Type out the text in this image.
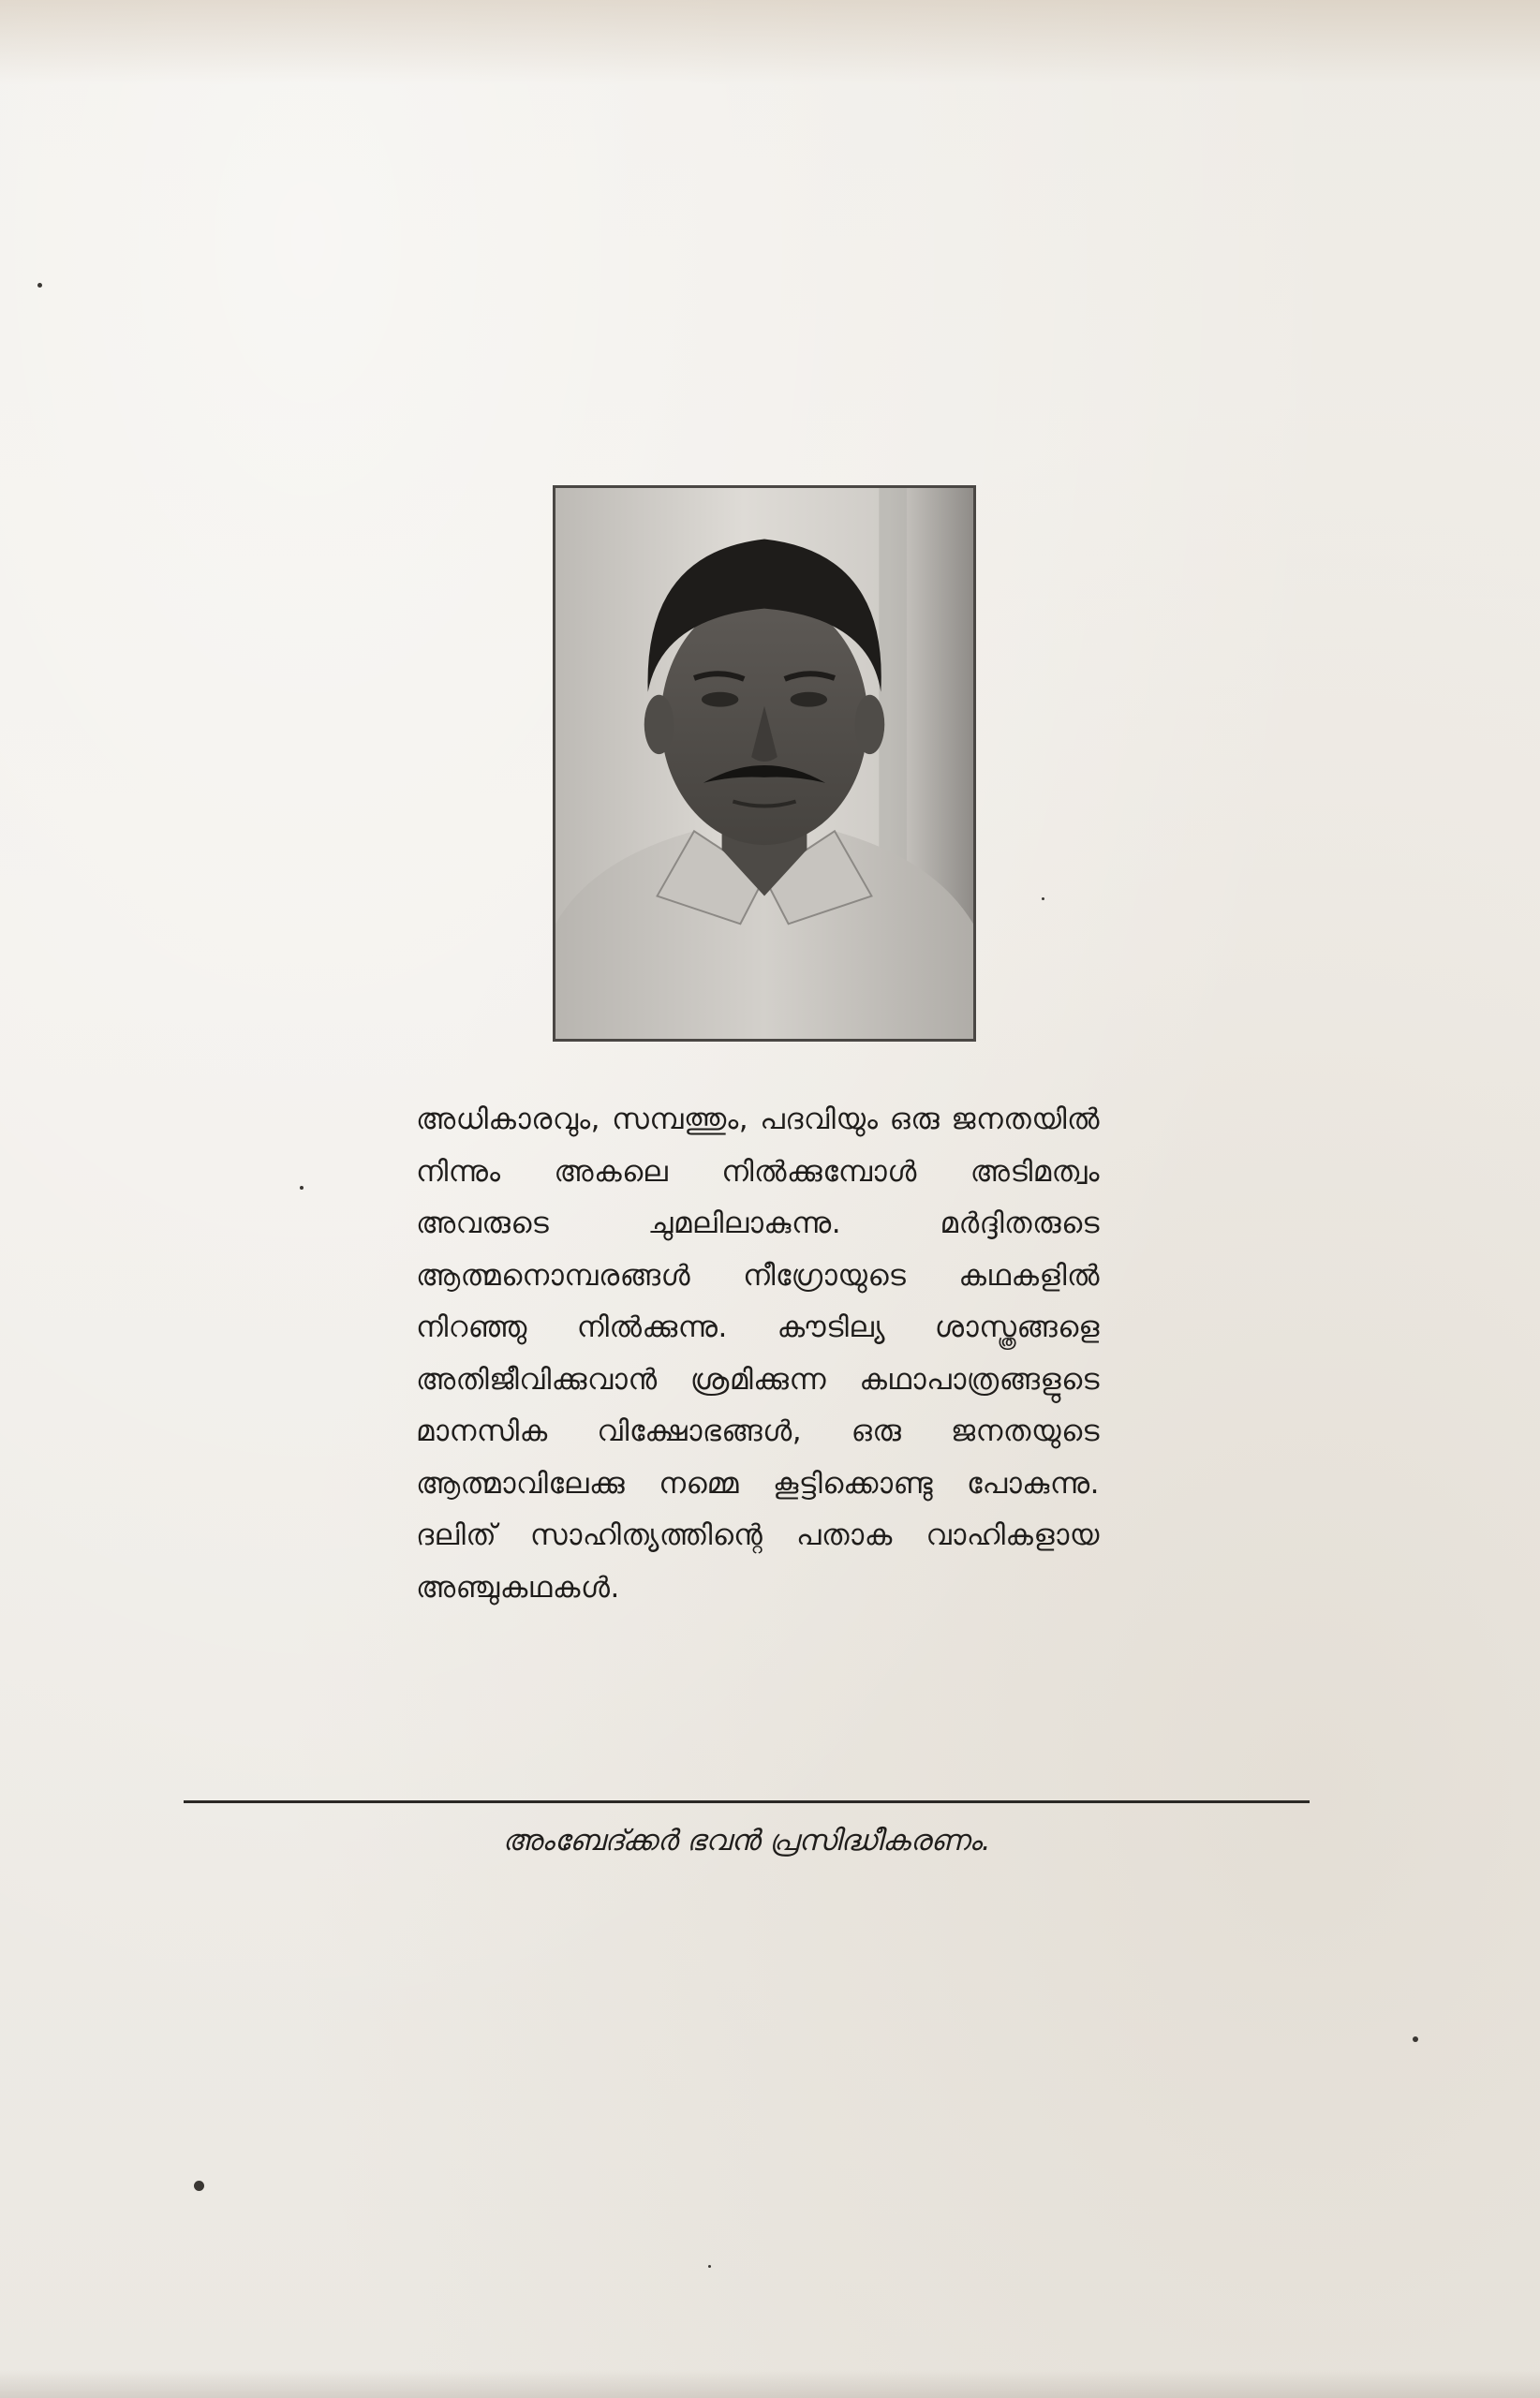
അധികാരവും, സമ്പത്തും, പദവിയും ഒരു ജനതയിൽ നിന്നും അകലെ നിൽക്കുമ്പോൾ അടിമത്വം അവരുടെ ചുമലിലാകുന്നു. മർദ്ദിതരുടെ ആത്മനൊമ്പരങ്ങൾ നീഗ്രോയുടെ കഥകളിൽ നിറഞ്ഞു നിൽക്കുന്നു. കൗടില്യ ശാസ്ത്രങ്ങളെ അതിജീവിക്കുവാൻ ശ്രമിക്കുന്ന കഥാപാത്രങ്ങളുടെ മാനസിക വിക്ഷോഭങ്ങൾ, ഒരു ജനതയുടെ ആത്മാവിലേക്കു നമ്മെ കൂട്ടിക്കൊണ്ടു പോകുന്നു. ദലിത് സാഹിത്യത്തിന്റെ പതാക വാഹികളായ അഞ്ചുകഥകൾ.
അംബേദ്ക്കർ ഭവൻ പ്രസിദ്ധീകരണം.
